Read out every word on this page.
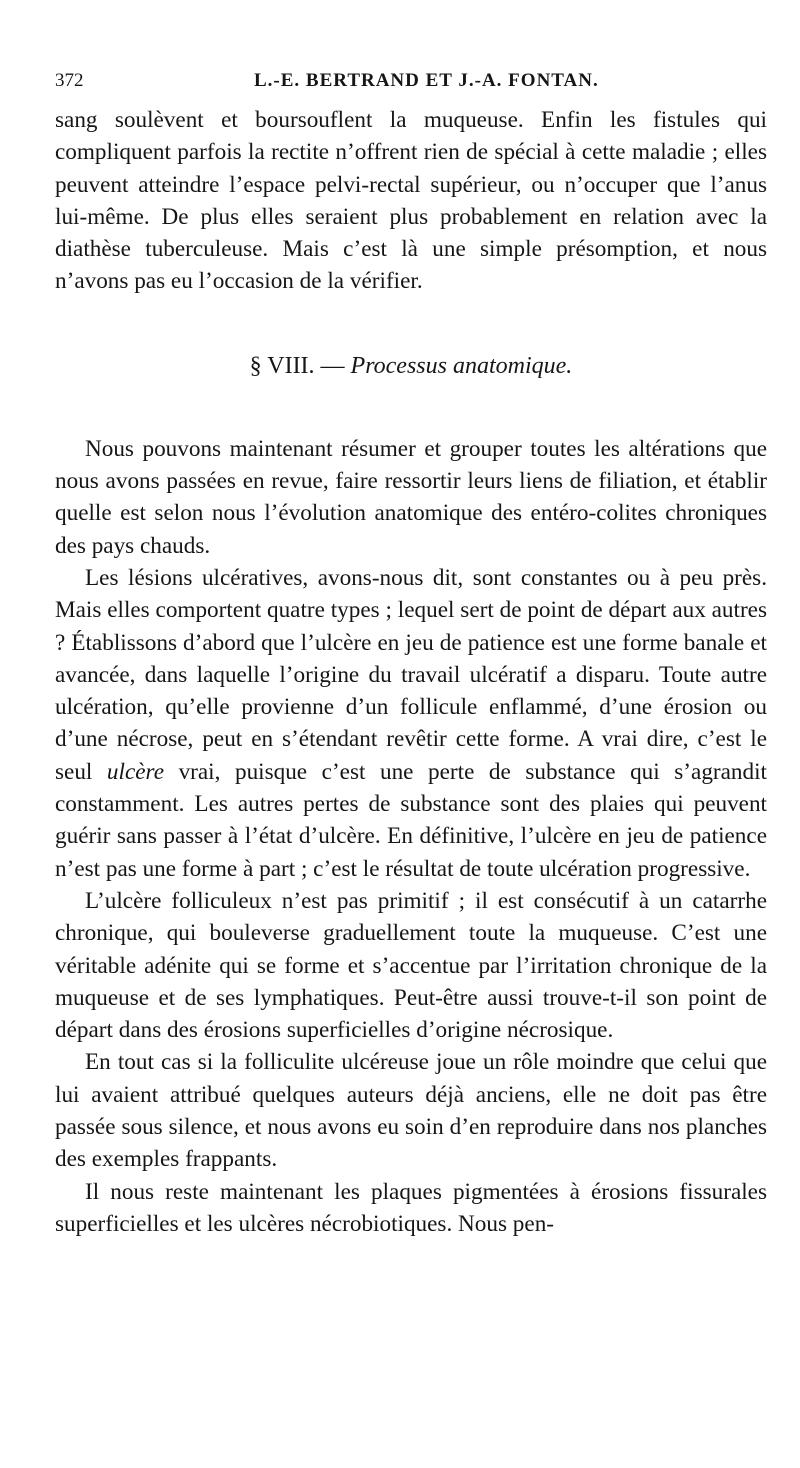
372	L.-E. BERTRAND ET J.-A. FONTAN.

sang soulèvent et boursouflent la muqueuse. Enfin les fistules qui compliquent parfois la rectite n’offrent rien de spécial à cette maladie ; elles peuvent atteindre l’espace pelvi-rectal supérieur, ou n’occuper que l’anus lui-même. De plus elles seraient plus probablement en relation avec la diathèse tuberculeuse. Mais c’est là une simple présomption, et nous n’avons pas eu l’occasion de la vérifier.

§ VIII. — Processus anatomique.

Nous pouvons maintenant résumer et grouper toutes les altérations que nous avons passées en revue, faire ressortir leurs liens de filiation, et établir quelle est selon nous l’évolution anatomique des entéro-colites chroniques des pays chauds.

Les lésions ulcératives, avons-nous dit, sont constantes ou à peu près. Mais elles comportent quatre types ; lequel sert de point de départ aux autres ? Établissons d’abord que l’ulcère en jeu de patience est une forme banale et avancée, dans laquelle l’origine du travail ulcératif a disparu. Toute autre ulcération, qu’elle provienne d’un follicule enflammé, d’une érosion ou d’une nécrose, peut en s’étendant revêtir cette forme. A vrai dire, c’est le seul ulcère vrai, puisque c’est une perte de substance qui s’agrandit constamment. Les autres pertes de substance sont des plaies qui peuvent guérir sans passer à l’état d’ulcère. En définitive, l’ulcère en jeu de patience n’est pas une forme à part ; c’est le résultat de toute ulcération progressive.

L’ulcère folliculeux n’est pas primitif ; il est consécutif à un catarrhe chronique, qui bouleverse graduellement toute la muqueuse. C’est une véritable adénite qui se forme et s’accentue par l’irritation chronique de la muqueuse et de ses lymphatiques. Peut-être aussi trouve-t-il son point de départ dans des érosions superficielles d’origine nécrosique.

En tout cas si la folliculite ulcéreuse joue un rôle moindre que celui que lui avaient attribué quelques auteurs déjà anciens, elle ne doit pas être passée sous silence, et nous avons eu soin d’en reproduire dans nos planches des exemples frappants.

Il nous reste maintenant les plaques pigmentées à érosions fissurales superficielles et les ulcères nécrobiotiques. Nous pen-
